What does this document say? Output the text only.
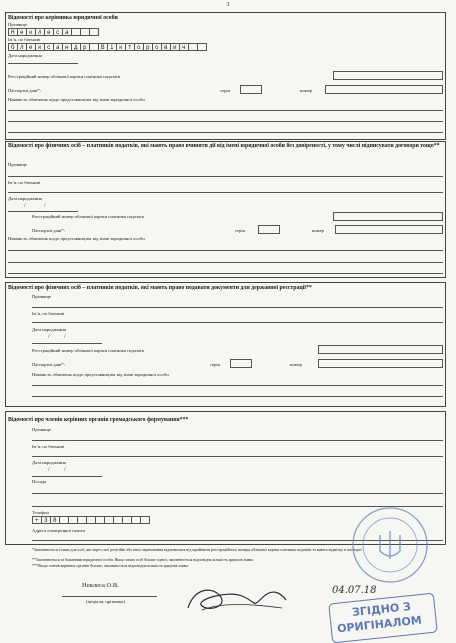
3
Відомості про керівника юридичної особи
Прізвище
Н е к л е с а
Ім’я, по батькові
О л е к с а н д р	В і к т о р о в и ч
Дата народження
Реєстраційний номер облікової картки платника податків
Паспортні дані*:	серія	номер
Наявність обмежень щодо представництва від імені юридичної особи
Відомості про фізичних осіб – платників податків, які мають право вчиняти дії від імені юридичної особи без довіреності, у тому числі підписувати договори тощо**
Прізвище
Ім’я, по батькові
Дата народження
/	/
Реєстраційний номер облікової картки платника податків
Паспортні дані*:	серія	номер
Наявність обмежень щодо представництва від імені юридичної особи
Відомості про фізичних осіб – платників податків, які мають право подавати документи для державної реєстрації**
Прізвище
Ім’я, по батькові
Дата народження
/ /
Реєстраційний номер облікової картки платника податків
Паспортні дані*:	серія	номер
Наявність обмежень щодо представництва від імені юридичної особи
Відомості про членів керівних органів громадського формування***
Прізвище
Ім’я, по батькові
Дата народження
/ /
Посада
Телефон
+ 3 8
Адреса електронної пошти
*Заповнюється тільки для осіб, які через свої релігійні або інші переконання відмовилися від прийняття реєстраційного номера облікової картки платника податків та мають відмітку в паспорті.
**Заповнюється за бажанням юридичної особи. Якщо таких осіб більше однієї, заповнюється відповідна кількість аркушів заяви.
***Якщо членів керівних органів більше, заповнюється відповідна кількість аркушів заяви.
Неклеса О.В.
(ініціали, прізвище)
04.07.18
ЗГІДНО З
ОРИГІНАЛОМ
